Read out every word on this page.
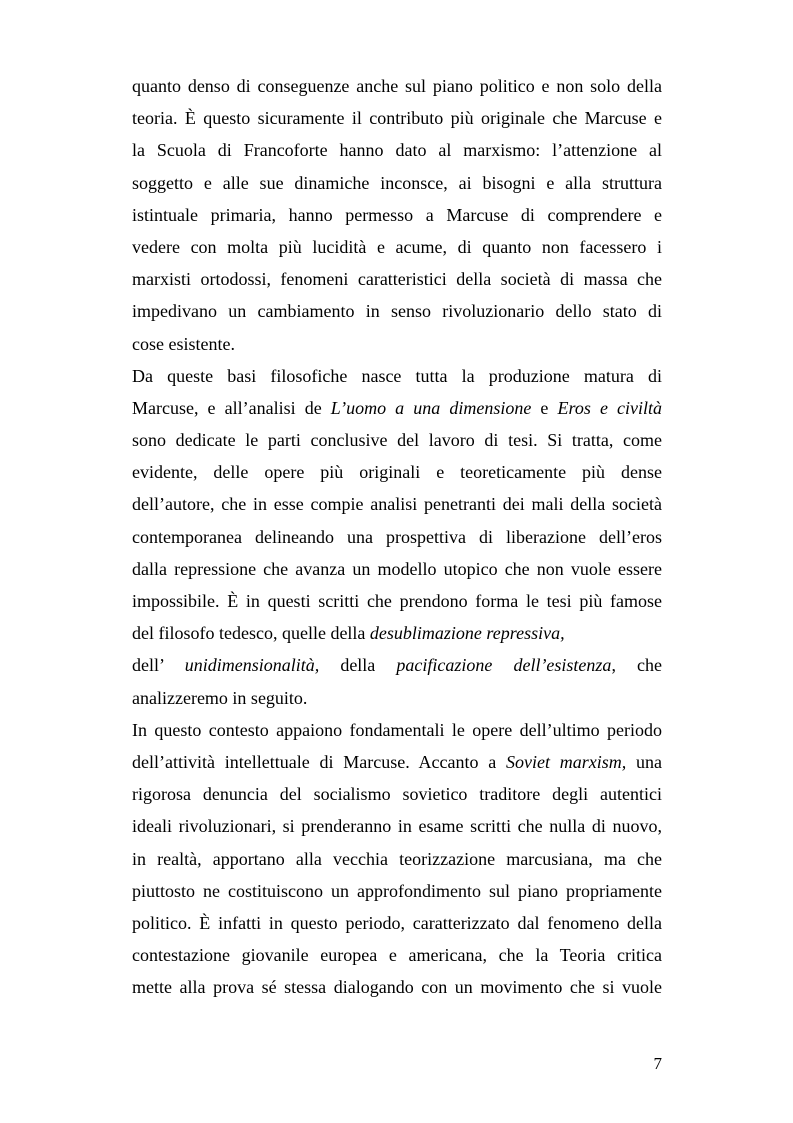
quanto denso di conseguenze anche sul piano politico e non solo della
teoria. È questo sicuramente il contributo più originale che Marcuse e
la Scuola di Francoforte hanno dato al marxismo: l’attenzione al
soggetto e alle sue dinamiche inconsce, ai bisogni e alla struttura
istintuale primaria, hanno permesso a Marcuse di comprendere e
vedere con molta più lucidità e acume, di quanto non facessero i
marxisti ortodossi, fenomeni caratteristici della società di massa che
impedivano un cambiamento in senso rivoluzionario dello stato di
cose esistente.
Da queste basi filosofiche nasce tutta la produzione matura di
Marcuse, e all’analisi de L’uomo a una dimensione e Eros e civiltà
sono dedicate le parti conclusive del lavoro di tesi. Si tratta, come
evidente, delle opere più originali e teoreticamente più dense
dell’autore, che in esse compie analisi penetranti dei mali della società
contemporanea delineando una prospettiva di liberazione dell’eros
dalla repressione che avanza un modello utopico che non vuole essere
impossibile. È in questi scritti che prendono forma le tesi più famose
del filosofo tedesco, quelle della desublimazione repressiva,
dell’ unidimensionalità, della pacificazione dell’esistenza, che
analizzeremo in seguito.
In questo contesto appaiono fondamentali le opere dell’ultimo periodo
dell’attività intellettuale di Marcuse. Accanto a Soviet marxism, una
rigorosa denuncia del socialismo sovietico traditore degli autentici
ideali rivoluzionari, si prenderanno in esame scritti che nulla di nuovo,
in realtà, apportano alla vecchia teorizzazione marcusiana, ma che
piuttosto ne costituiscono un approfondimento sul piano propriamente
politico. È infatti in questo periodo, caratterizzato dal fenomeno della
contestazione giovanile europea e americana, che la Teoria critica
mette alla prova sé stessa dialogando con un movimento che si vuole
7
